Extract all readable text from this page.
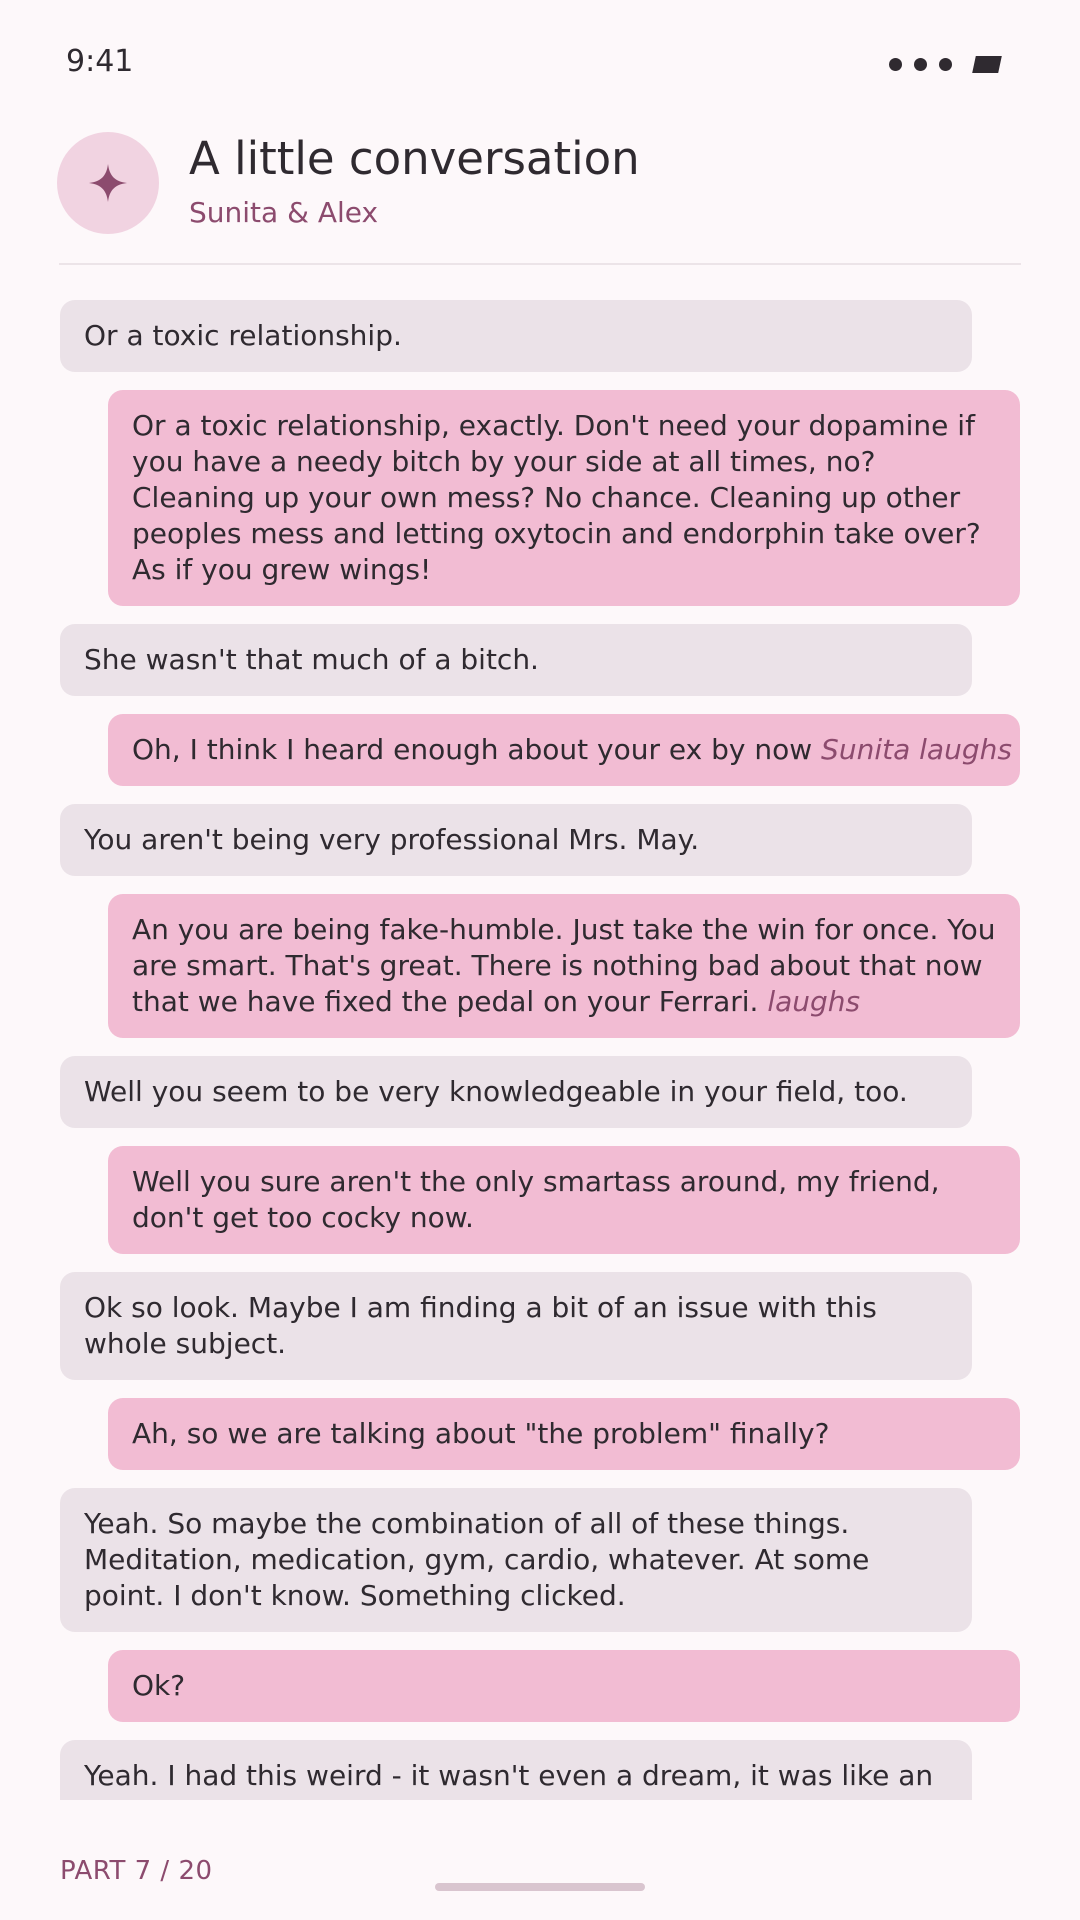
9:41
A little conversation
Sunita & Alex
Or a toxic relationship.
Or a toxic relationship, exactly. Don't need your dopamine if you have a needy bitch by your side at all times, no? Cleaning up your own mess? No chance. Cleaning up other peoples mess and letting oxytocin and endorphin take over? As if you grew wings!
She wasn't that much of a bitch.
Oh, I think I heard enough about your ex by now Sunita laughs
You aren't being very professional Mrs. May.
An you are being fake-humble. Just take the win for once. You are smart. That's great. There is nothing bad about that now that we have fixed the pedal on your Ferrari. laughs
Well you seem to be very knowledgeable in your field, too.
Well you sure aren't the only smartass around, my friend, don't get too cocky now.
Ok so look. Maybe I am finding a bit of an issue with this whole subject.
Ah, so we are talking about "the problem" finally?
Yeah. So maybe the combination of all of these things. Meditation, medication, gym, cardio, whatever. At some point. I don't know. Something clicked.
Ok?
Yeah. I had this weird - it wasn't even a dream, it was like an
PART 7 / 20
